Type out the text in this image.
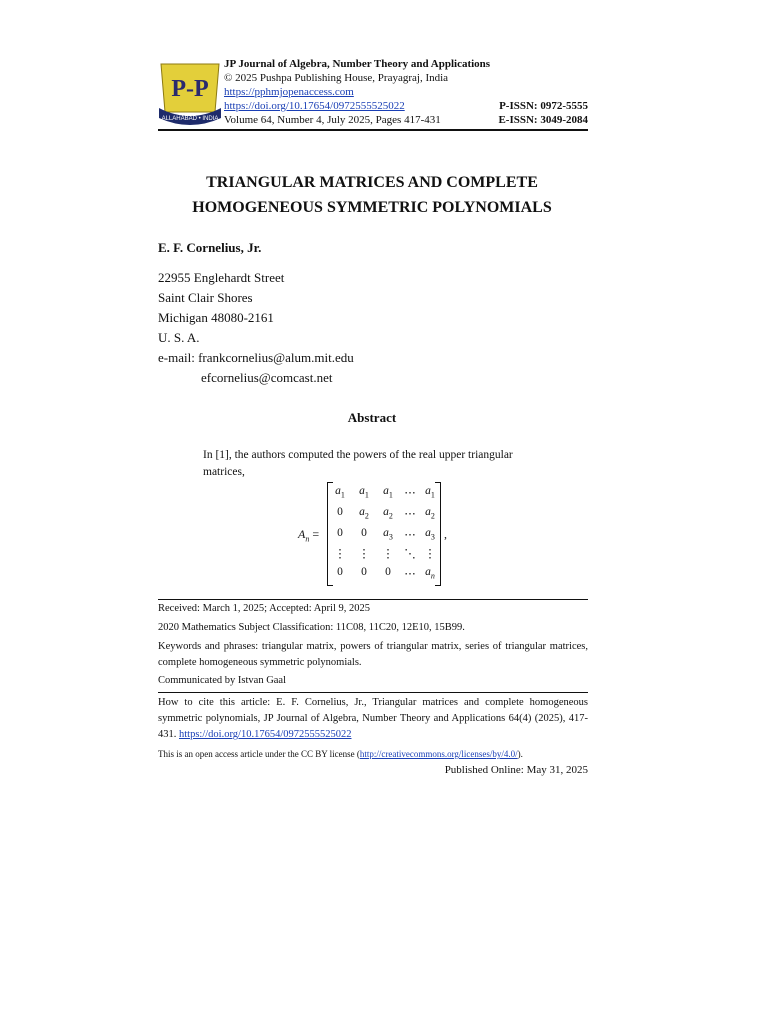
P-P
ALLAHABAD • INDIA
JP Journal of Algebra, Number Theory and Applications
© 2025 Pushpa Publishing House, Prayagraj, India
https://pphmjopenaccess.com
https://doi.org/10.17654/0972555525022
Volume 64, Number 4, July 2025, Pages 417-431
P-ISSN: 0972-5555
E-ISSN: 3049-2084
TRIANGULAR MATRICES AND COMPLETE
HOMOGENEOUS SYMMETRIC POLYNOMIALS
E. F. Cornelius, Jr.
22955 Englehardt Street
Saint Clair Shores
Michigan 48080-2161
U. S. A.
e-mail: frankcornelius@alum.mit.edu
efcornelius@comcast.net
Abstract
In [1], the authors computed the powers of the real upper triangular matrices,
$A_n$ =
$a_1$	$a_1$	$a_1$ ⋯ $a_1$
0	$a_2$	$a_2$ ⋯ $a_2$
0	0	$a_3$ ⋯ $a_3$
⋮	⋮	⋮ ⋱ ⋮
0	0	0	⋯ $a_n$
,
Received: March 1, 2025; Accepted: April 9, 2025
2020 Mathematics Subject Classification: 11C08, 11C20, 12E10, 15B99.
Keywords and phrases: triangular matrix, powers of triangular matrix, series of triangular matrices, complete homogeneous symmetric polynomials.
Communicated by Istvan Gaal
How to cite this article: E. F. Cornelius, Jr., Triangular matrices and complete homogeneous symmetric polynomials, JP Journal of Algebra, Number Theory and Applications 64(4) (2025), 417-431. https://doi.org/10.17654/0972555525022
This is an open access article under the CC BY license (http://creativecommons.org/licenses/by/4.0/).
Published Online: May 31, 2025
